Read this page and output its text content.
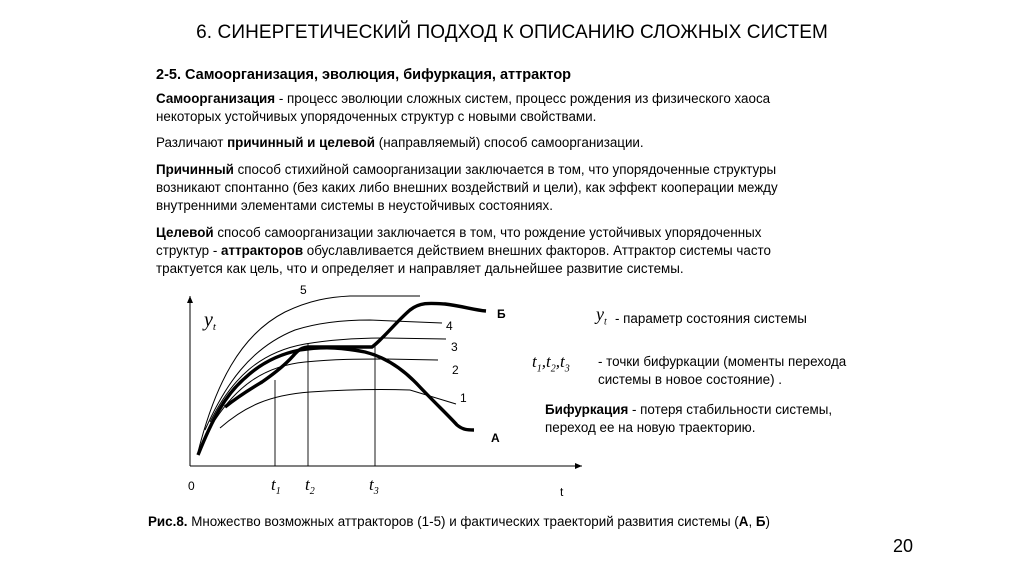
6. СИНЕРГЕТИЧЕСКИЙ ПОДХОД К ОПИСАНИЮ СЛОЖНЫХ СИСТЕМ
2-5. Самоорганизация, эволюция, бифуркация, аттрактор
Самоорганизация - процесс эволюции сложных систем, процесс рождения из физического хаоса
некоторых устойчивых упорядоченных структур с новыми свойствами.
Различают причинный и целевой (направляемый) способ самоорганизации.
Причинный способ стихийной самоорганизации заключается в том, что упорядоченные структуры
возникают спонтанно (без каких либо внешних воздействий и цели), как эффект кооперации между
внутренними элементами системы в неустойчивых состояниях.
Целевой способ самоорганизации заключается в том, что рождение устойчивых упорядоченных
структур - аттракторов обуславливается действием внешних факторов. Аттрактор системы часто
трактуется как цель, что и определяет и направляет дальнейшее развитие системы.
$y_t$
0	t
$t_1$ $t_2$	$t_3$
5
4
3
2
1
Б
А
$y_t$ - параметр состояния системы
$t_1,t_2,t_3$ - точки бифуркации (моменты перехода
системы в новое состояние) .
Бифуркация - потеря стабильности системы,
переход ее на новую траекторию.
Рис.8. Множество возможных аттракторов (1-5) и фактических траекторий развития системы (А, Б)
20
